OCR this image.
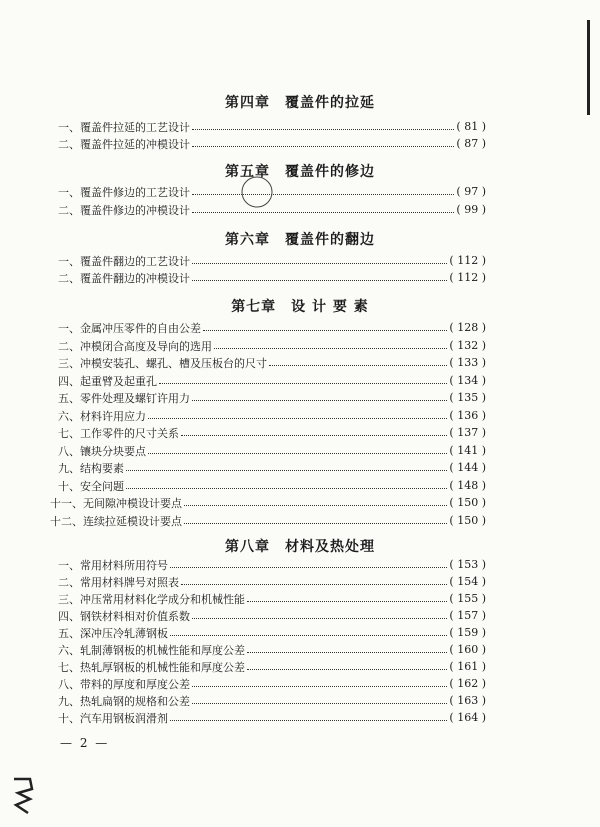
第四章　覆盖件的拉延
一、 覆盖件拉延的工艺设计	( 81 )
二、 覆盖件拉延的冲模设计	( 87 )
第五章　覆盖件的修边
一、 覆盖件修边的工艺设计	( 97 )
二、 覆盖件修边的冲模设计	( 99 )
第六章　覆盖件的翻边
一、 覆盖件翻边的工艺设计	( 112 )
二、 覆盖件翻边的冲模设计	( 112 )
第七章　设 计 要 素
一、 金属冲压零件的自由公差	( 128 )
二、 冲模闭合高度及导向的选用	( 132 )
三、 冲模安装孔、螺孔、槽及压板台的尺寸	( 133 )
四、 起重臂及起重孔	( 134 )
五、 零件处理及螺钉许用力	( 135 )
六、 材料许用应力	( 136 )
七、 工作零件的尺寸关系	( 137 )
八、 镶块分块要点	( 141 )
九、 结构要素	( 144 )
十、 安全问题	( 148 )
十一、 无间隙冲模设计要点	( 150 )
十二、 连续拉延模设计要点	( 150 )
第八章　材料及热处理
一、 常用材料所用符号	( 153 )
二、 常用材料牌号对照表	( 154 )
三、 冲压常用材料化学成分和机械性能	( 155 )
四、 钢铁材料相对价值系数	( 157 )
五、 深冲压冷轧薄钢板	( 159 )
六、 轧制薄钢板的机械性能和厚度公差	( 160 )
七、 热轧厚钢板的机械性能和厚度公差	( 161 )
八、 带料的厚度和厚度公差	( 162 )
九、 热轧扁钢的规格和公差	( 163 )
十、 汽车用钢板润滑剂	( 164 )
— 2 —
